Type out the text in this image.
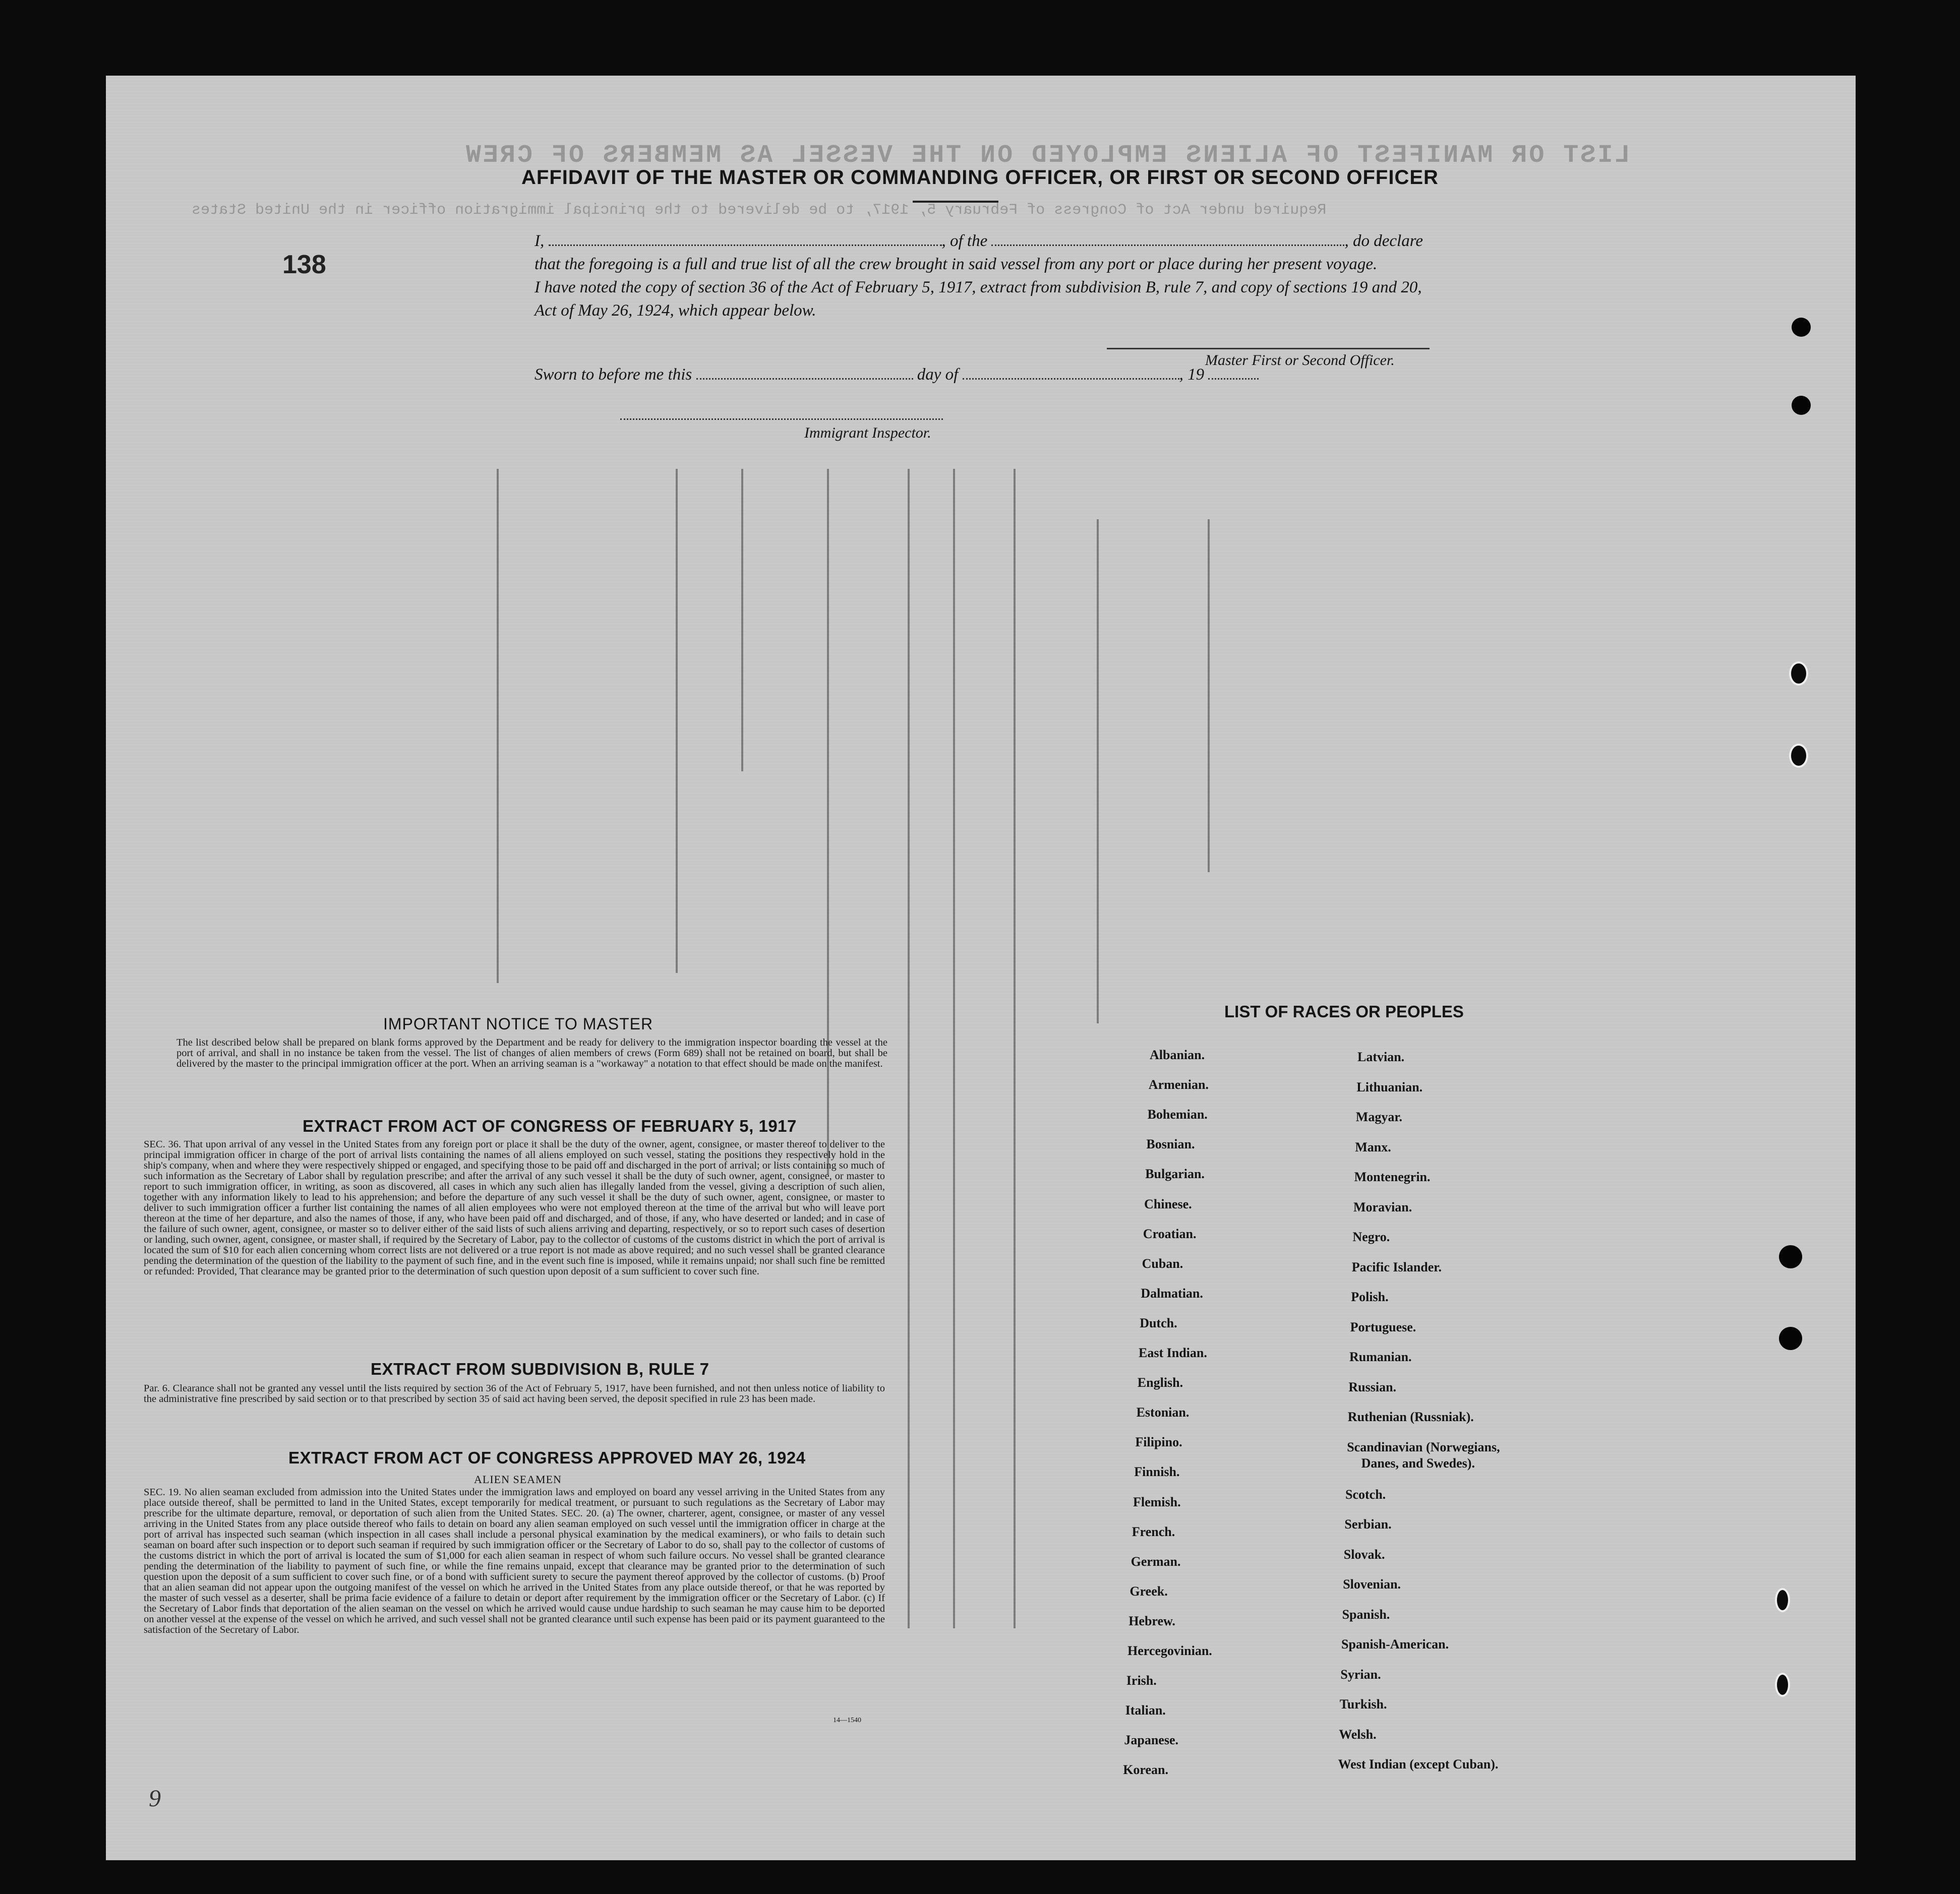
LIST OR MANIFEST OF ALIENS EMPLOYED ON THE VESSEL AS MEMBERS OF CREW
Required under Act of Congress of February 5, 1917, to be delivered to the principal immigration officer in the United States
AFFIDAVIT OF THE MASTER OR COMMANDING OFFICER, OR FIRST OR SECOND OFFICER
138
I,	, of the	, do declare
that the foregoing is a full and true list of all the crew brought in said vessel from any port or place during her present voyage.
I have noted the copy of section 36 of the Act of February 5, 1917, extract from subdivision B, rule 7, and copy of sections 19 and 20,
Act of May 26, 1924, which appear below.
Master First or Second Officer.
Sworn to before me this	day of	, 19
Immigrant Inspector.
IMPORTANT NOTICE TO MASTER
The list described below shall be prepared on blank forms approved by the Department and be ready for delivery to the immigration inspector boarding the vessel at the port of arrival, and shall in no instance be taken from the vessel. The list of changes of alien members of crews (Form 689) shall not be retained on board, but shall be delivered by the master to the principal immigration officer at the port. When an arriving seaman is a "workaway" a notation to that effect should be made on the manifest.
EXTRACT FROM ACT OF CONGRESS OF FEBRUARY 5, 1917
SEC. 36. That upon arrival of any vessel in the United States from any foreign port or place it shall be the duty of the owner, agent, consignee, or master thereof to deliver to the principal immigration officer in charge of the port of arrival lists containing the names of all aliens employed on such vessel, stating the positions they respectively hold in the ship's company, when and where they were respectively shipped or engaged, and specifying those to be paid off and discharged in the port of arrival; or lists containing so much of such information as the Secretary of Labor shall by regulation prescribe; and after the arrival of any such vessel it shall be the duty of such owner, agent, consignee, or master to report to such immigration officer, in writing, as soon as discovered, all cases in which any such alien has illegally landed from the vessel, giving a description of such alien, together with any information likely to lead to his apprehension; and before the departure of any such vessel it shall be the duty of such owner, agent, consignee, or master to deliver to such immigration officer a further list containing the names of all alien employees who were not employed thereon at the time of the arrival but who will leave port thereon at the time of her departure, and also the names of those, if any, who have been paid off and discharged, and of those, if any, who have deserted or landed; and in case of the failure of such owner, agent, consignee, or master so to deliver either of the said lists of such aliens arriving and departing, respectively, or so to report such cases of desertion or landing, such owner, agent, consignee, or master shall, if required by the Secretary of Labor, pay to the collector of customs of the customs district in which the port of arrival is located the sum of $10 for each alien concerning whom correct lists are not delivered or a true report is not made as above required; and no such vessel shall be granted clearance pending the determination of the question of the liability to the payment of such fine, and in the event such fine is imposed, while it remains unpaid; nor shall such fine be remitted or refunded: Provided, That clearance may be granted prior to the determination of such question upon deposit of a sum sufficient to cover such fine.
EXTRACT FROM SUBDIVISION B, RULE 7
Par. 6. Clearance shall not be granted any vessel until the lists required by section 36 of the Act of February 5, 1917, have been furnished, and not then unless notice of liability to the administrative fine prescribed by said section or to that prescribed by section 35 of said act having been served, the deposit specified in rule 23 has been made.
EXTRACT FROM ACT OF CONGRESS APPROVED MAY 26, 1924
ALIEN SEAMEN
SEC. 19. No alien seaman excluded from admission into the United States under the immigration laws and employed on board any vessel arriving in the United States from any place outside thereof, shall be permitted to land in the United States, except temporarily for medical treatment, or pursuant to such regulations as the Secretary of Labor may prescribe for the ultimate departure, removal, or deportation of such alien from the United States. SEC. 20. (a) The owner, charterer, agent, consignee, or master of any vessel arriving in the United States from any place outside thereof who fails to detain on board any alien seaman employed on such vessel until the immigration officer in charge at the port of arrival has inspected such seaman (which inspection in all cases shall include a personal physical examination by the medical examiners), or who fails to detain such seaman on board after such inspection or to deport such seaman if required by such immigration officer or the Secretary of Labor to do so, shall pay to the collector of customs of the customs district in which the port of arrival is located the sum of $1,000 for each alien seaman in respect of whom such failure occurs. No vessel shall be granted clearance pending the determination of the liability to payment of such fine, or while the fine remains unpaid, except that clearance may be granted prior to the determination of such question upon the deposit of a sum sufficient to cover such fine, or of a bond with sufficient surety to secure the payment thereof approved by the collector of customs. (b) Proof that an alien seaman did not appear upon the outgoing manifest of the vessel on which he arrived in the United States from any place outside thereof, or that he was reported by the master of such vessel as a deserter, shall be prima facie evidence of a failure to detain or deport after requirement by the immigration officer or the Secretary of Labor. (c) If the Secretary of Labor finds that deportation of the alien seaman on the vessel on which he arrived would cause undue hardship to such seaman he may cause him to be deported on another vessel at the expense of the vessel on which he arrived, and such vessel shall not be granted clearance until such expense has been paid or its payment guaranteed to the satisfaction of the Secretary of Labor.
14—1540
LIST OF RACES OR PEOPLES
Albanian.
Armenian.
Bohemian.
Bosnian.
Bulgarian.
Chinese.
Croatian.
Cuban.
Dalmatian.
Dutch.
East Indian.
English.
Estonian.
Filipino.
Finnish.
Flemish.
French.
German.
Greek.
Hebrew.
Hercegovinian.
Irish.
Italian.
Japanese.
Korean.
Latvian.
Lithuanian.
Magyar.
Manx.
Montenegrin.
Moravian.
Negro.
Pacific Islander.
Polish.
Portuguese.
Rumanian.
Russian.
Ruthenian (Russniak).
Scandinavian (Norwegians,
Danes, and Swedes).
Scotch.
Serbian.
Slovak.
Slovenian.
Spanish.
Spanish-American.
Syrian.
Turkish.
Welsh.
West Indian (except Cuban).
9
